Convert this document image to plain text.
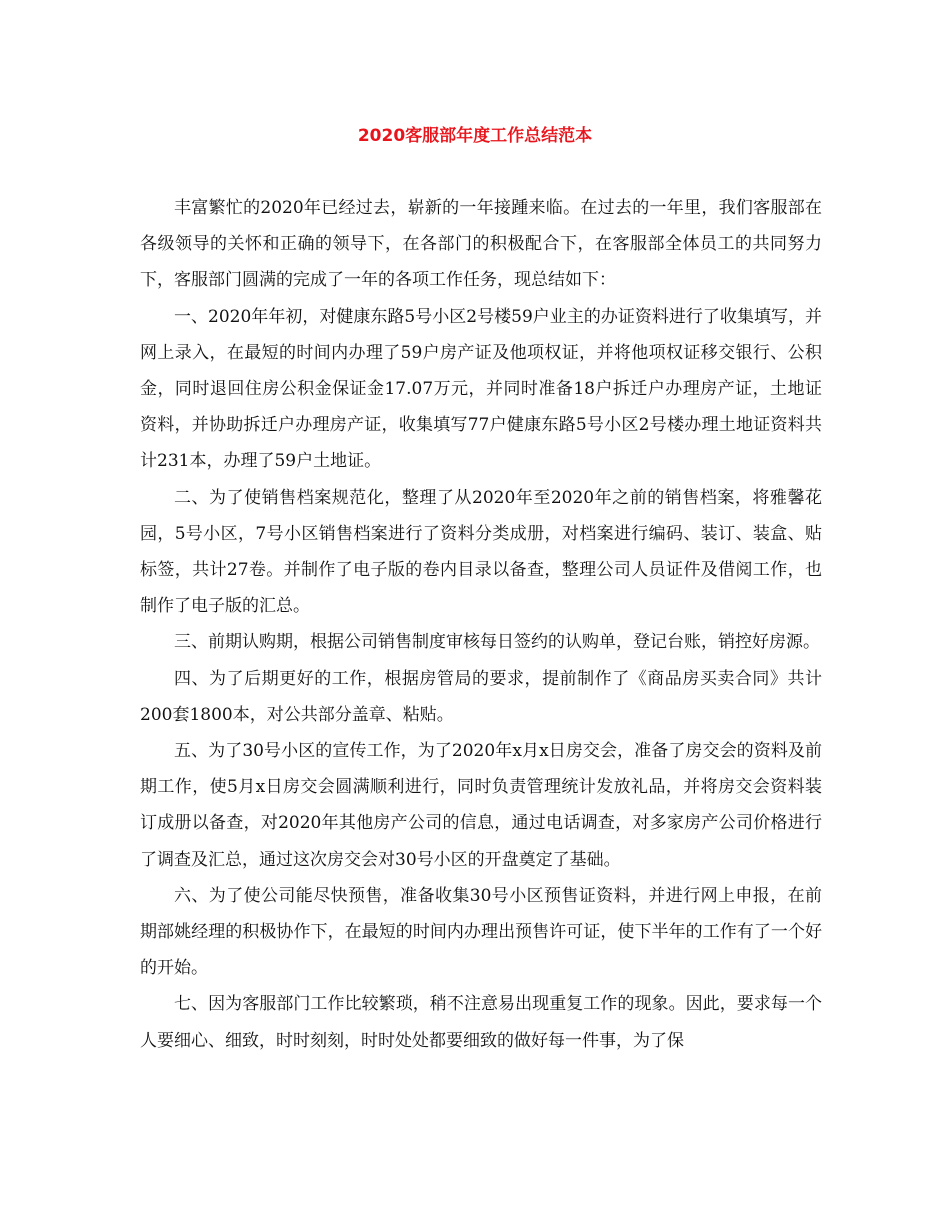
2020客服部年度工作总结范本

丰富繁忙的2020年已经过去，崭新的一年接踵来临。在过去的一年里，我们客服部在各级领导的关怀和正确的领导下，在各部门的积极配合下，在客服部全体员工的共同努力下，客服部门圆满的完成了一年的各项工作任务，现总结如下：

一、2020年年初，对健康东路5号小区2号楼59户业主的办证资料进行了收集填写，并网上录入，在最短的时间内办理了59户房产证及他项权证，并将他项权证移交银行、公积金，同时退回住房公积金保证金17.07万元，并同时准备18户拆迁户办理房产证，土地证资料，并协助拆迁户办理房产证，收集填写77户健康东路5号小区2号楼办理土地证资料共计231本，办理了59户土地证。

二、为了使销售档案规范化，整理了从2020年至2020年之前的销售档案，将雅馨花园，5号小区，7号小区销售档案进行了资料分类成册，对档案进行编码、装订、装盒、贴标签，共计27卷。并制作了电子版的卷内目录以备查，整理公司人员证件及借阅工作，也制作了电子版的汇总。

三、前期认购期，根据公司销售制度审核每日签约的认购单，登记台账，销控好房源。

四、为了后期更好的工作，根据房管局的要求，提前制作了《商品房买卖合同》共计200套1800本，对公共部分盖章、粘贴。

五、为了30号小区的宣传工作，为了2020年x月x日房交会，准备了房交会的资料及前期工作，使5月x日房交会圆满顺利进行，同时负责管理统计发放礼品，并将房交会资料装订成册以备查，对2020年其他房产公司的信息，通过电话调查，对多家房产公司价格进行了调查及汇总，通过这次房交会对30号小区的开盘奠定了基础。

六、为了使公司能尽快预售，准备收集30号小区预售证资料，并进行网上申报，在前期部姚经理的积极协作下，在最短的时间内办理出预售许可证，使下半年的工作有了一个好的开始。

七、因为客服部门工作比较繁琐，稍不注意易出现重复工作的现象。因此，要求每一个人要细心、细致，时时刻刻，时时处处都要细致的做好每一件事，为了保
